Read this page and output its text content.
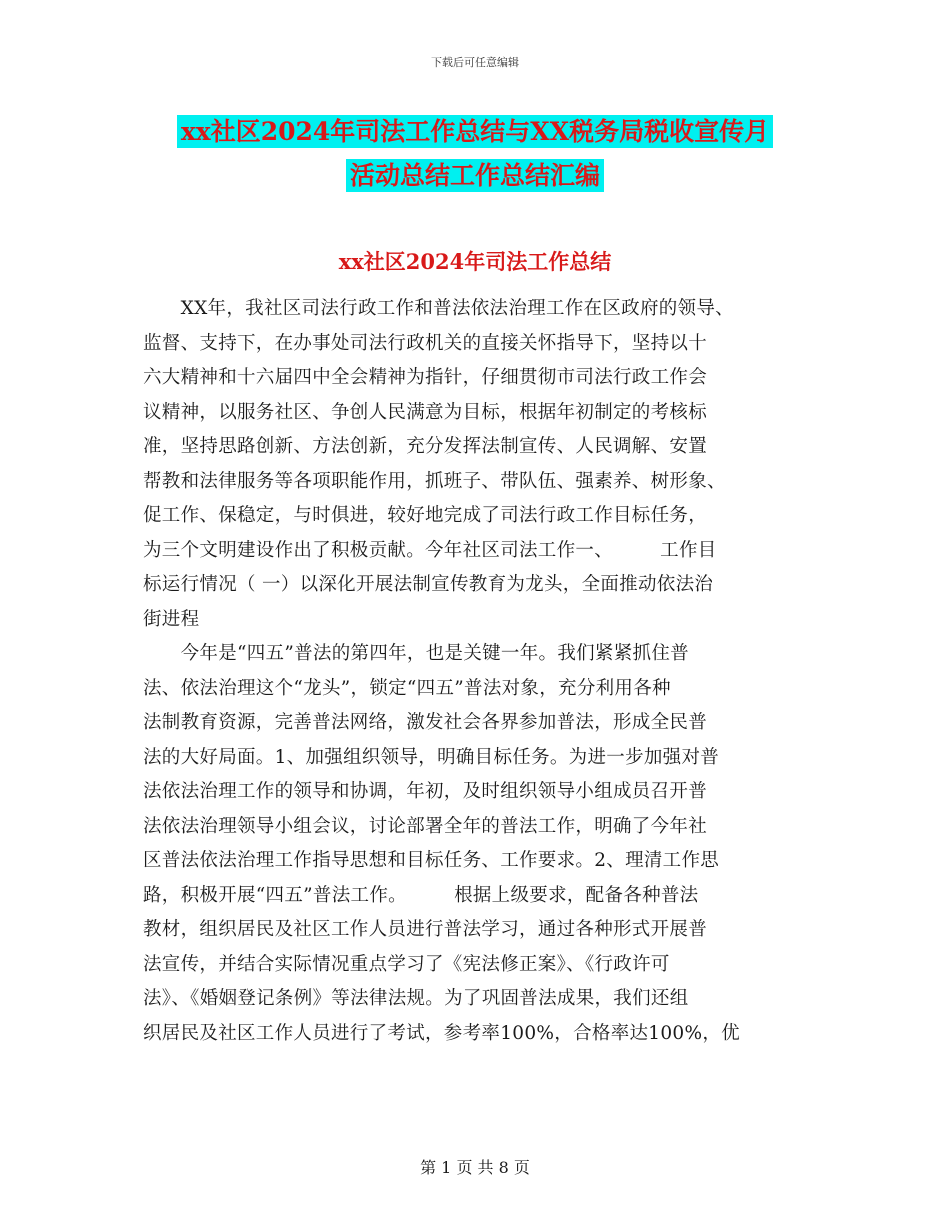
下载后可任意编辑
xx社区2024年司法工作总结与XX税务局税收宣传月
活动总结工作总结汇编
xx社区2024年司法工作总结
　　XX年，我社区司法行政工作和普法依法治理工作在区政府的领导、
监督、支持下，在办事处司法行政机关的直接关怀指导下，坚持以十
六大精神和十六届四中全会精神为指针，仔细贯彻市司法行政工作会
议精神，以服务社区、争创人民满意为目标，根据年初制定的考核标
准，坚持思路创新、方法创新，充分发挥法制宣传、人民调解、安置
帮教和法律服务等各项职能作用，抓班子、带队伍、强素养、树形象、
促工作、保稳定，与时俱进，较好地完成了司法行政工作目标任务，
为三个文明建设作出了积极贡献。今年社区司法工作一、　　　工作目
标运行情况（ 一）以深化开展法制宣传教育为龙头，全面推动依法治
街进程
　　今年是“四五”普法的第四年，也是关键一年。我们紧紧抓住普
法、依法治理这个“龙头”，锁定“四五”普法对象，充分利用各种
法制教育资源，完善普法网络，激发社会各界参加普法，形成全民普
法的大好局面。1、加强组织领导，明确目标任务。为进一步加强对普
法依法治理工作的领导和协调，年初，及时组织领导小组成员召开普
法依法治理领导小组会议，讨论部署全年的普法工作，明确了今年社
区普法依法治理工作指导思想和目标任务、工作要求。2、理清工作思
路，积极开展“四五”普法工作。　　　根据上级要求，配备各种普法
教材，组织居民及社区工作人员进行普法学习，通过各种形式开展普
法宣传，并结合实际情况重点学习了《宪法修正案》、《行政许可
法》、《婚姻登记条例》等法律法规。为了巩固普法成果，我们还组
织居民及社区工作人员进行了考试，参考率100%，合格率达100%，优
第 1 页 共 8 页
